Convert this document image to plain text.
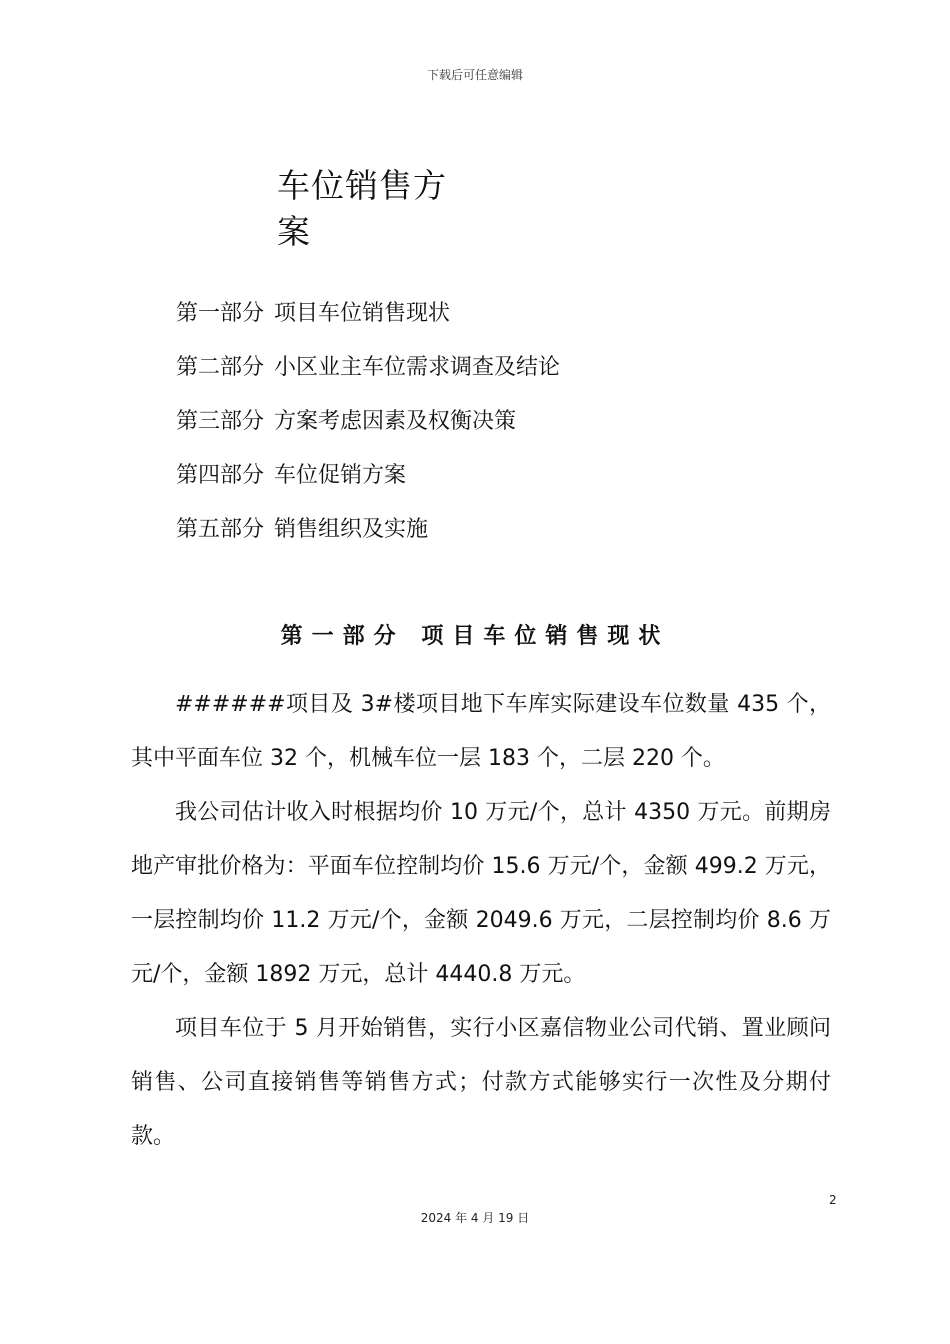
下载后可任意编辑
车位销售方案
第一部分 项目车位销售现状
第二部分 小区业主车位需求调查及结论
第三部分 方案考虑因素及权衡决策
第四部分 车位促销方案
第五部分 销售组织及实施
第一部分 项目车位销售现状

######项目及 3#楼项目地下车库实际建设车位数量 435 个，其中平面车位 32 个，机械车位一层 183 个，二层 220 个。

我公司估计收入时根据均价 10 万元/个，总计 4350 万元。前期房地产审批价格为：平面车位控制均价 15.6 万元/个，金额 499.2 万元，一层控制均价 11.2 万元/个，金额 2049.6 万元，二层控制均价 8.6 万元/个，金额 1892 万元，总计 4440.8 万元。

项目车位于 5 月开始销售，实行小区嘉信物业公司代销、置业顾问销售、公司直接销售等销售方式；付款方式能够实行一次性及分期付款。

2
2024 年 4 月 19 日
